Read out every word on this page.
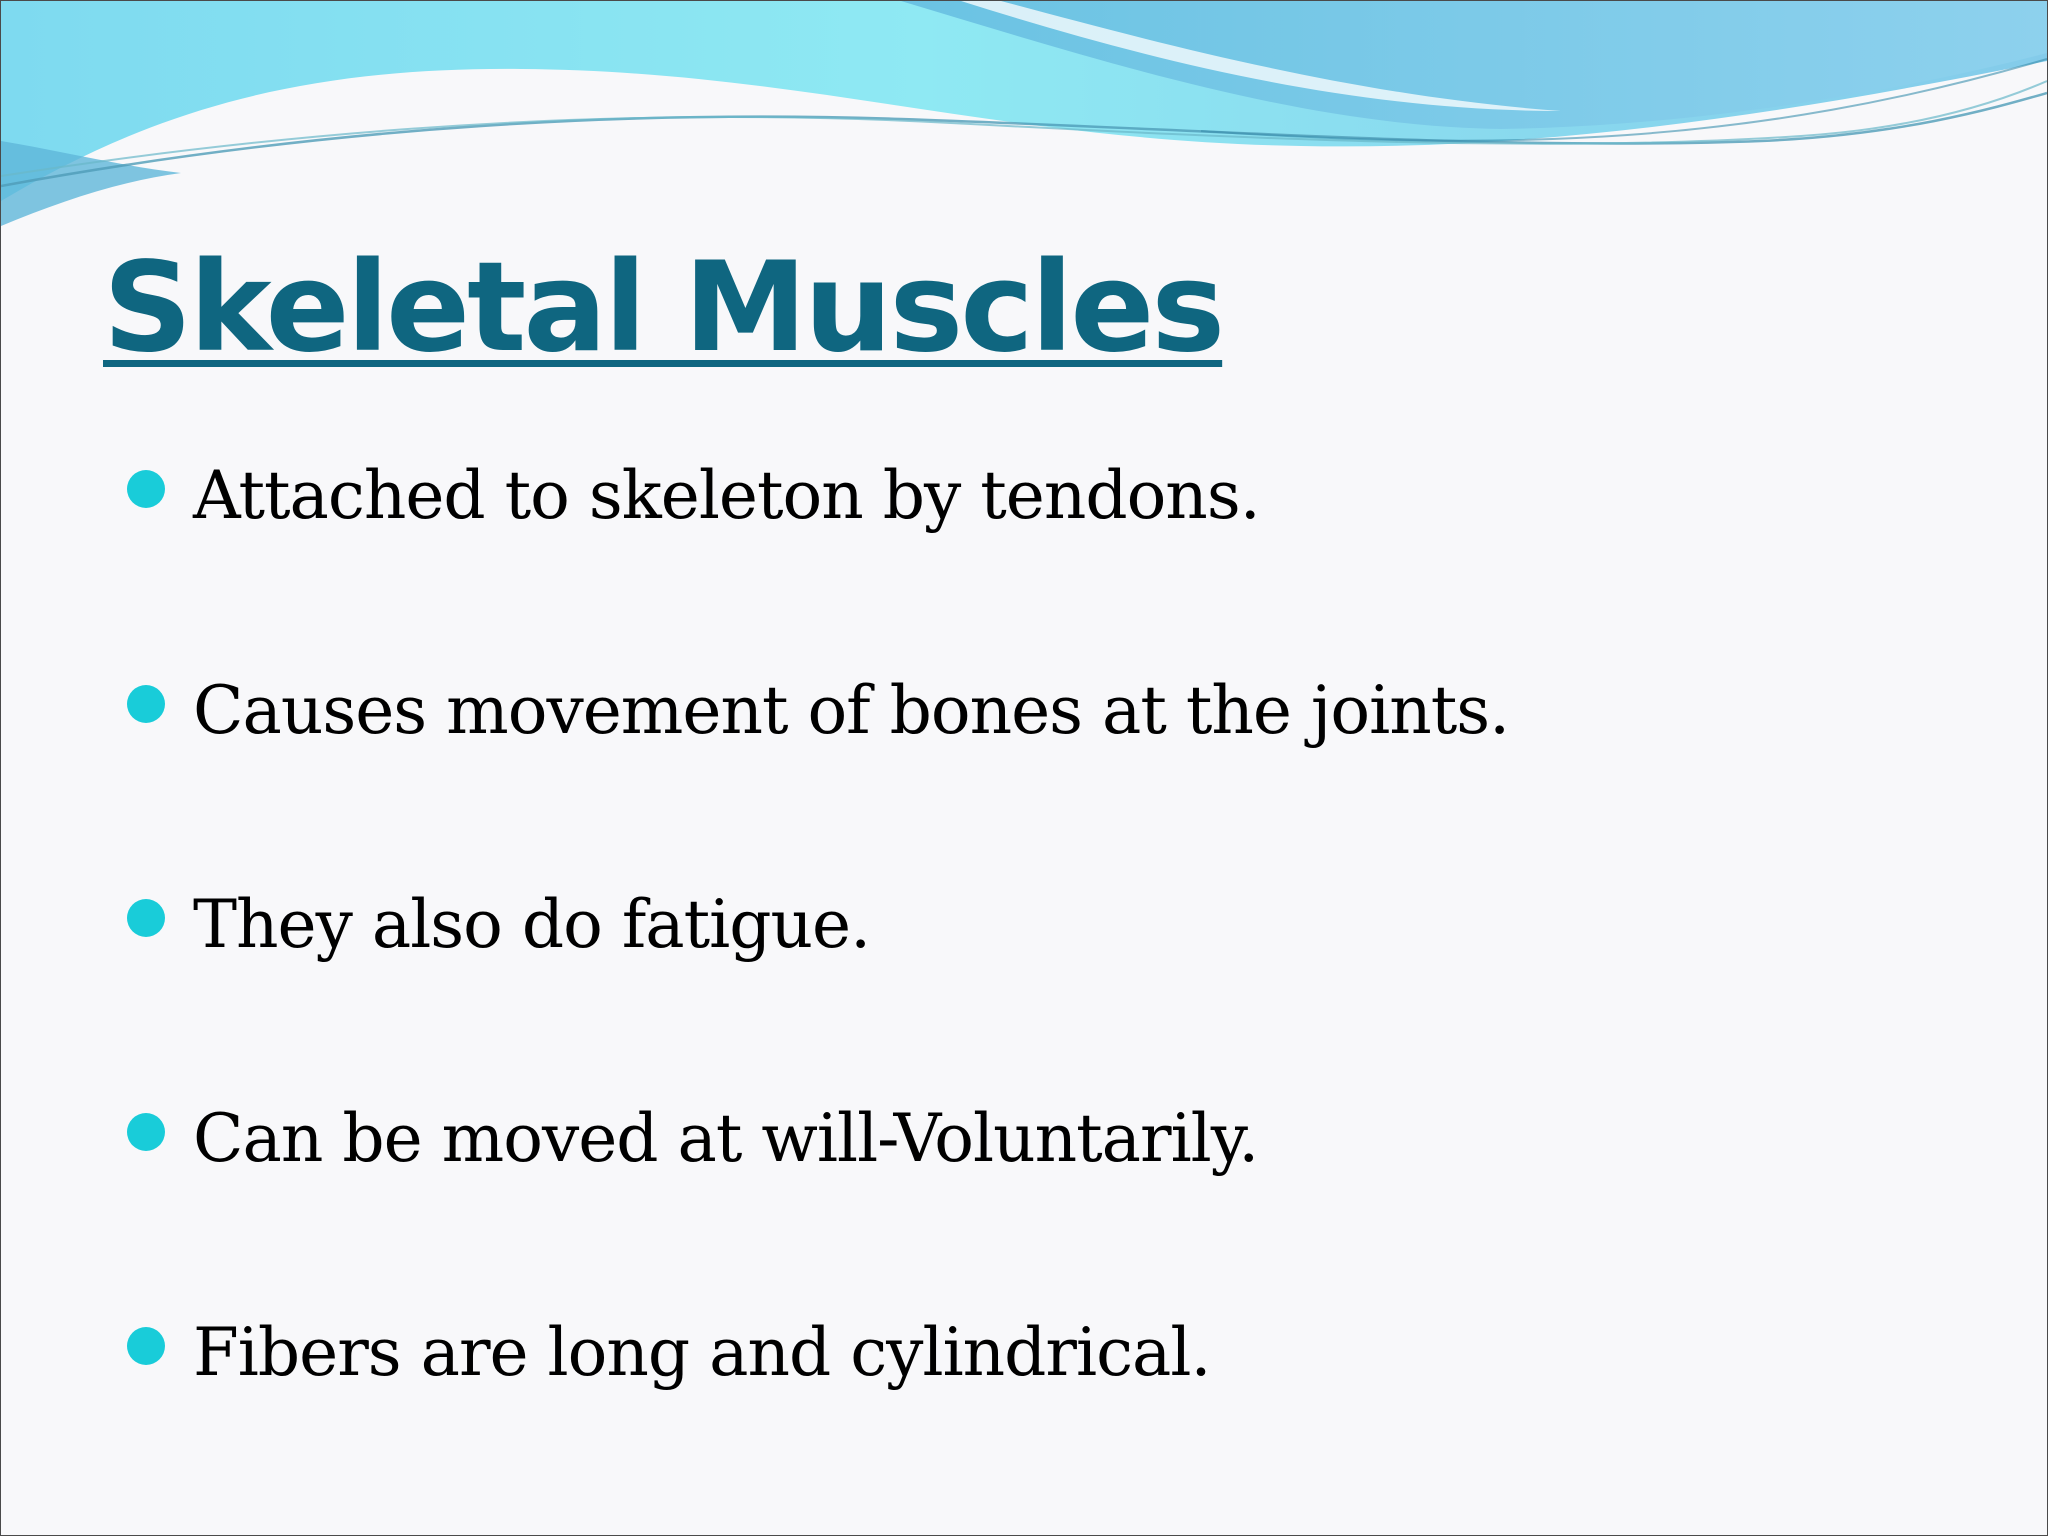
Skeletal Muscles
Attached to skeleton by tendons.
Causes movement of bones at the joints.
They also do fatigue.
Can be moved at will-Voluntarily.
Fibers are long and cylindrical.
